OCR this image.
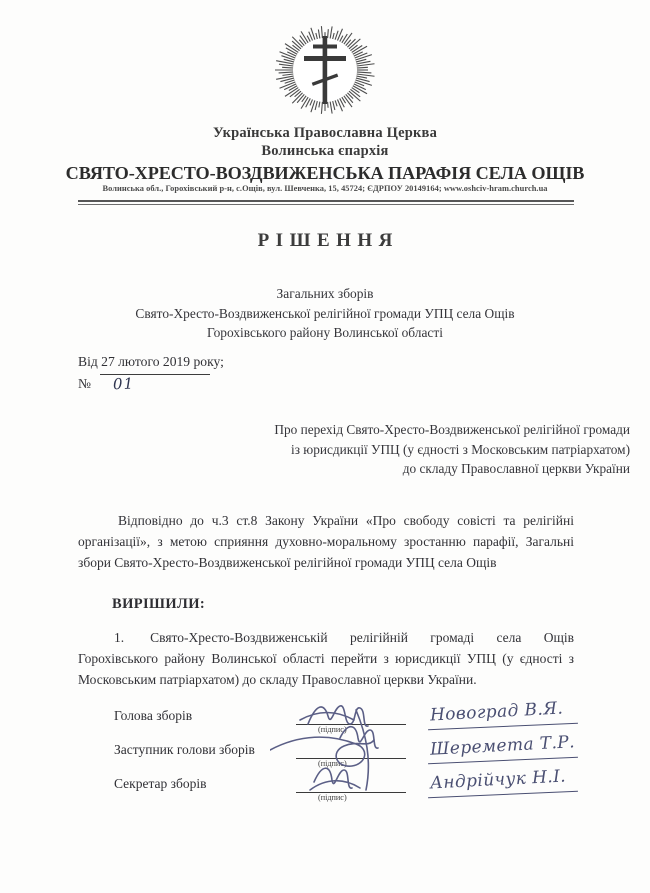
Українська Православна Церква
Волинська єпархія
СВЯТО-ХРЕСТО-ВОЗДВИЖЕНСЬКА ПАРАФІЯ СЕЛА ОЩІВ
Волинська обл., Горохівський р-н, с.Ощів, вул. Шевченка, 15, 45724; ЄДРПОУ 20149164; www.oshciv-hram.church.ua
РІШЕННЯ
Загальних зборів
Свято-Хресто-Воздвиженської релігійної громади УПЦ села Ощів
Горохівського району Волинської області
Від 27 лютого 2019 року;
№	01
Про перехід Свято-Хресто-Воздвиженської релігійної громади
із юрисдикції УПЦ (у єдності з Московським патріархатом)
до складу Православної церкви України
Відповідно до ч.3 ст.8 Закону України «Про свободу совісті та релігійні організації», з метою сприяння духовно-моральному зростанню парафії, Загальні збори Свято-Хресто-Воздвиженської релігійної громади УПЦ села Ощів
ВИРІШИЛИ:
1. Свято-Хресто-Воздвиженській релігійній громаді села Ощів Горохівського району Волинської області перейти з юрисдикції УПЦ (у єдності з Московським патріархатом) до складу Православної церкви України.
Голова зборів
(підпис)
Новоград В.Я.
Заступник голови зборів
(підпис)
Шеремета Т.Р.
Секретар зборів
(підпис)
Андрійчук Н.І.
